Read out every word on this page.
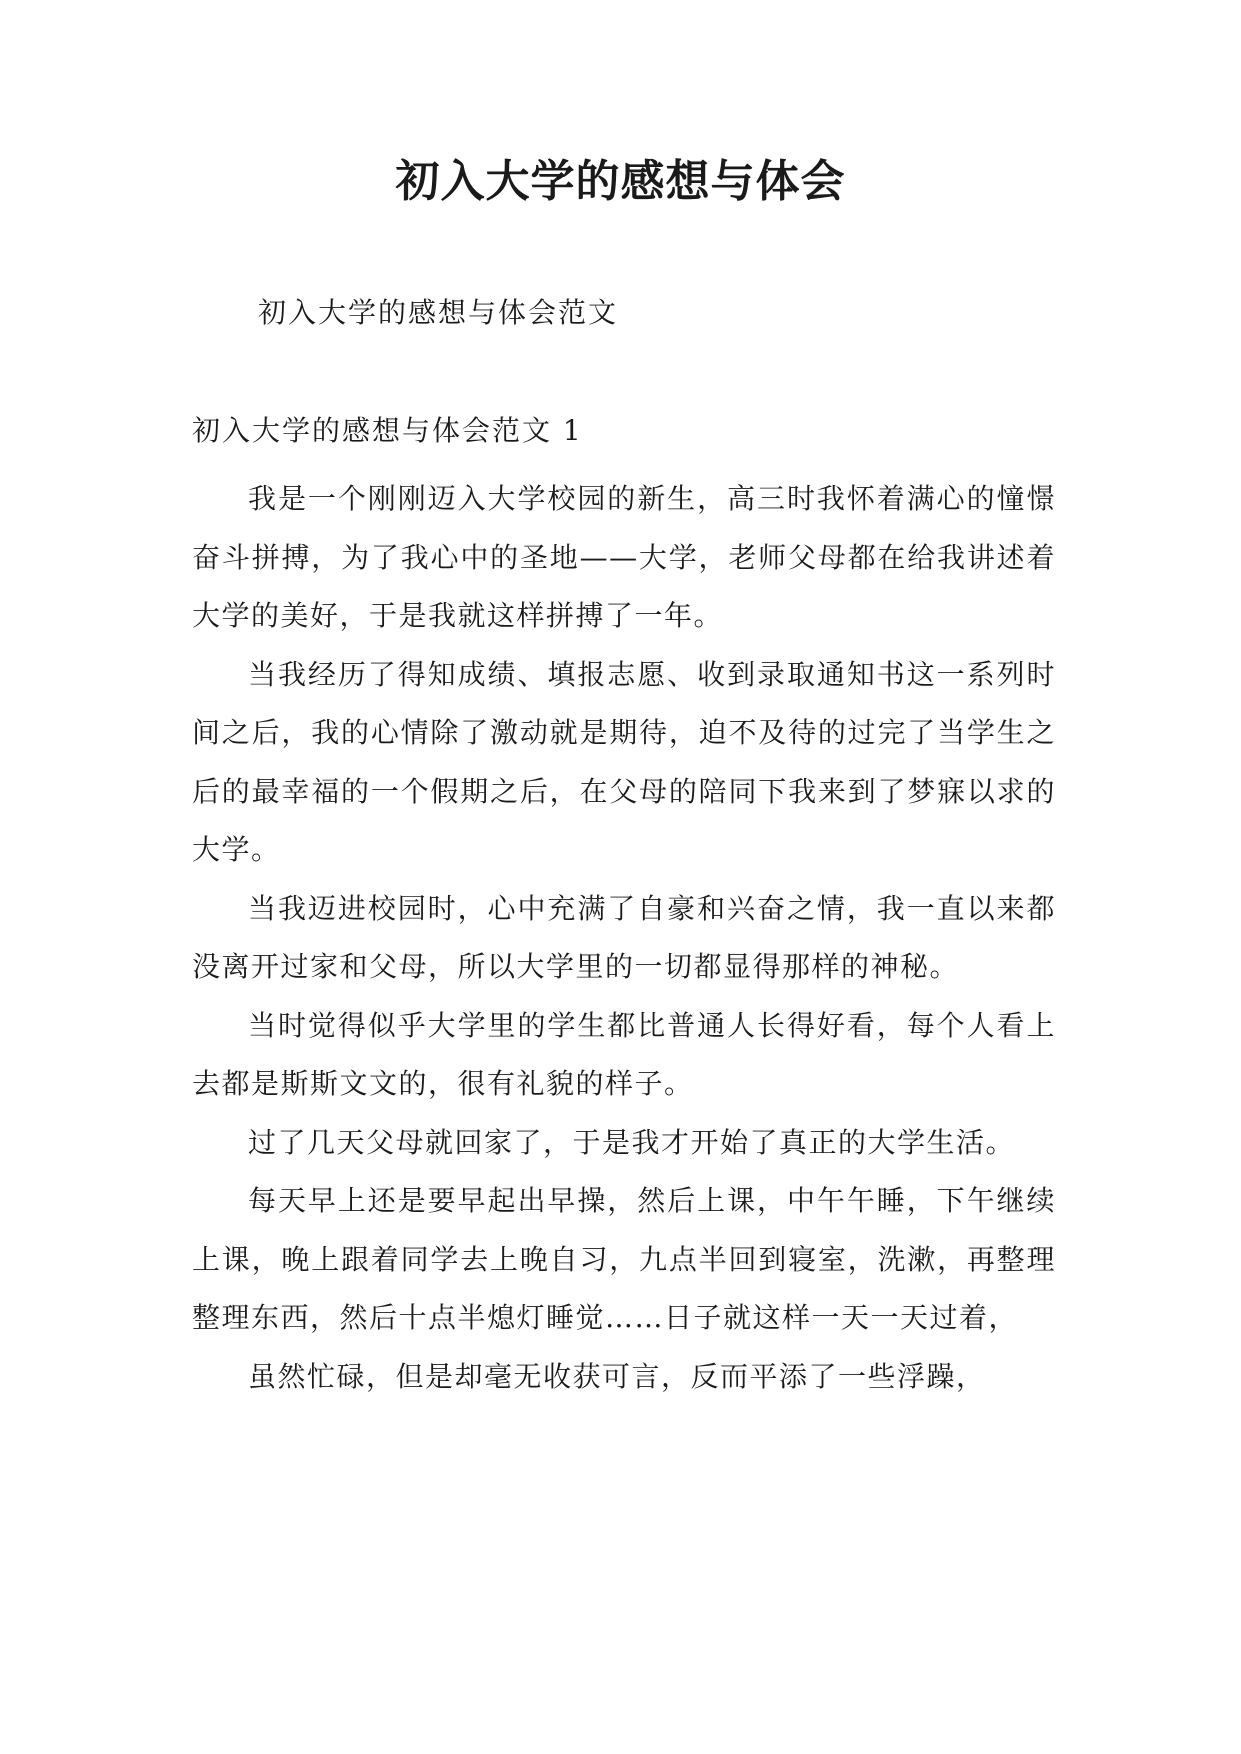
初入大学的感想与体会

初入大学的感想与体会范文

初入大学的感想与体会范文 1

我是一个刚刚迈入大学校园的新生，高三时我怀着满心的憧憬奋斗拼搏，为了我心中的圣地——大学，老师父母都在给我讲述着大学的美好，于是我就这样拼搏了一年。

当我经历了得知成绩、填报志愿、收到录取通知书这一系列时间之后，我的心情除了激动就是期待，迫不及待的过完了当学生之后的最幸福的一个假期之后，在父母的陪同下我来到了梦寐以求的大学。

当我迈进校园时，心中充满了自豪和兴奋之情，我一直以来都没离开过家和父母，所以大学里的一切都显得那样的神秘。

当时觉得似乎大学里的学生都比普通人长得好看，每个人看上去都是斯斯文文的，很有礼貌的样子。

过了几天父母就回家了，于是我才开始了真正的大学生活。

每天早上还是要早起出早操，然后上课，中午午睡，下午继续上课，晚上跟着同学去上晚自习，九点半回到寝室，洗漱，再整理整理东西，然后十点半熄灯睡觉……日子就这样一天一天过着，

虽然忙碌，但是却毫无收获可言，反而平添了一些浮躁，
